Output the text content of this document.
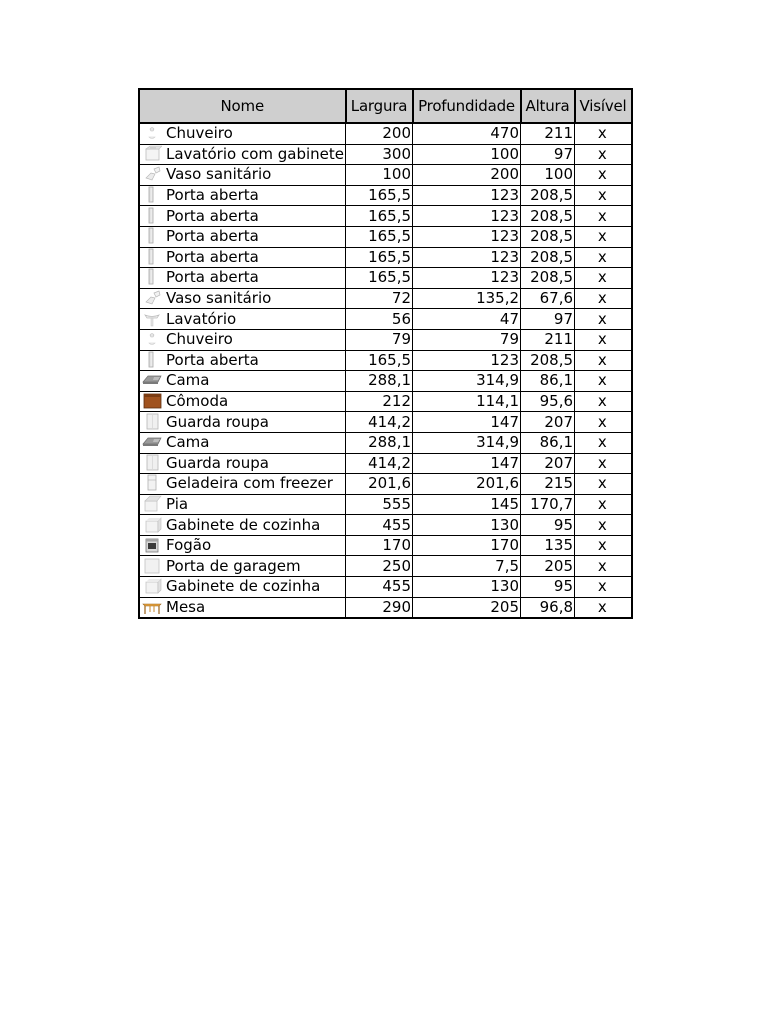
Nome	Largura	Profundidade	Altura	Visível

Chuveiro	200	470	211	x

Lavatório com gabinete	300	100	97	x

Vaso sanitário	100	200	100	x

Porta aberta	165,5	123	208,5	x

Porta aberta	165,5	123	208,5	x

Porta aberta	165,5	123	208,5	x

Porta aberta	165,5	123	208,5	x

Porta aberta	165,5	123	208,5	x

Vaso sanitário	72	135,2	67,6	x

Lavatório	56	47	97	x

Chuveiro	79	79	211	x

Porta aberta	165,5	123	208,5	x

Cama	288,1	314,9	86,1	x

Cômoda	212	114,1	95,6	x

Guarda roupa	414,2	147	207	x

Cama	288,1	314,9	86,1	x

Guarda roupa	414,2	147	207	x

Geladeira com freezer	201,6	201,6	215	x

Pia	555	145	170,7	x

Gabinete de cozinha	455	130	95	x

Fogão	170	170	135	x

Porta de garagem	250	7,5	205	x

Gabinete de cozinha	455	130	95	x

Mesa	290	205	96,8	x
